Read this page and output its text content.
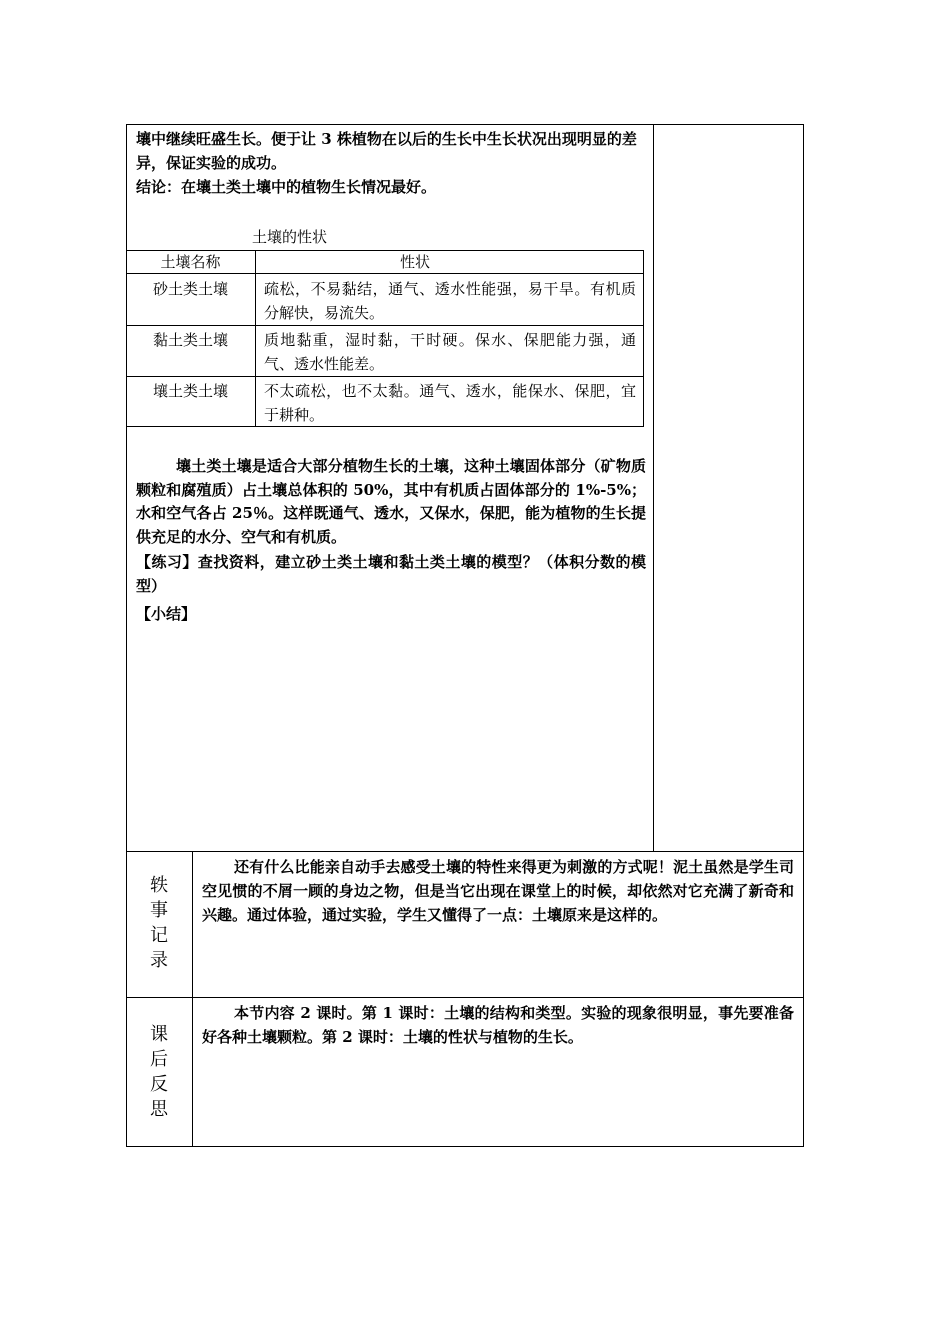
壤中继续旺盛生长。便于让 3 株植物在以后的生长中生长状况出现明显的差异，保证实验的成功。
结论：在壤土类土壤中的植物生长情况最好。
土壤的性状
土壤名称	性状
砂土类土壤	疏松，不易黏结，通气、透水性能强，易干旱。有机质分解快，易流失。
黏土类土壤	质地黏重，湿时黏，干时硬。保水、保肥能力强，通气、透水性能差。
壤土类土壤	不太疏松，也不太黏。通气、透水，能保水、保肥，宜于耕种。
壤土类土壤是适合大部分植物生长的土壤，这种土壤固体部分（矿物质颗粒和腐殖质）占土壤总体积的 50%，其中有机质占固体部分的 1%-5%；水和空气各占 25％。这样既通气、透水，又保水，保肥，能为植物的生长提供充足的水分、空气和有机质。
【练习】查找资料，建立砂土类土壤和黏土类土壤的模型？（体积分数的模型）
【小结】
轶
事
记
录
还有什么比能亲自动手去感受土壤的特性来得更为刺激的方式呢！泥土虽然是学生司空见惯的不屑一顾的身边之物，但是当它出现在课堂上的时候，却依然对它充满了新奇和兴趣。通过体验，通过实验，学生又懂得了一点：土壤原来是这样的。
课
后
反
思
本节内容 2 课时。第 1 课时：土壤的结构和类型。实验的现象很明显，事先要准备好各种土壤颗粒。第 2 课时：土壤的性状与植物的生长。
